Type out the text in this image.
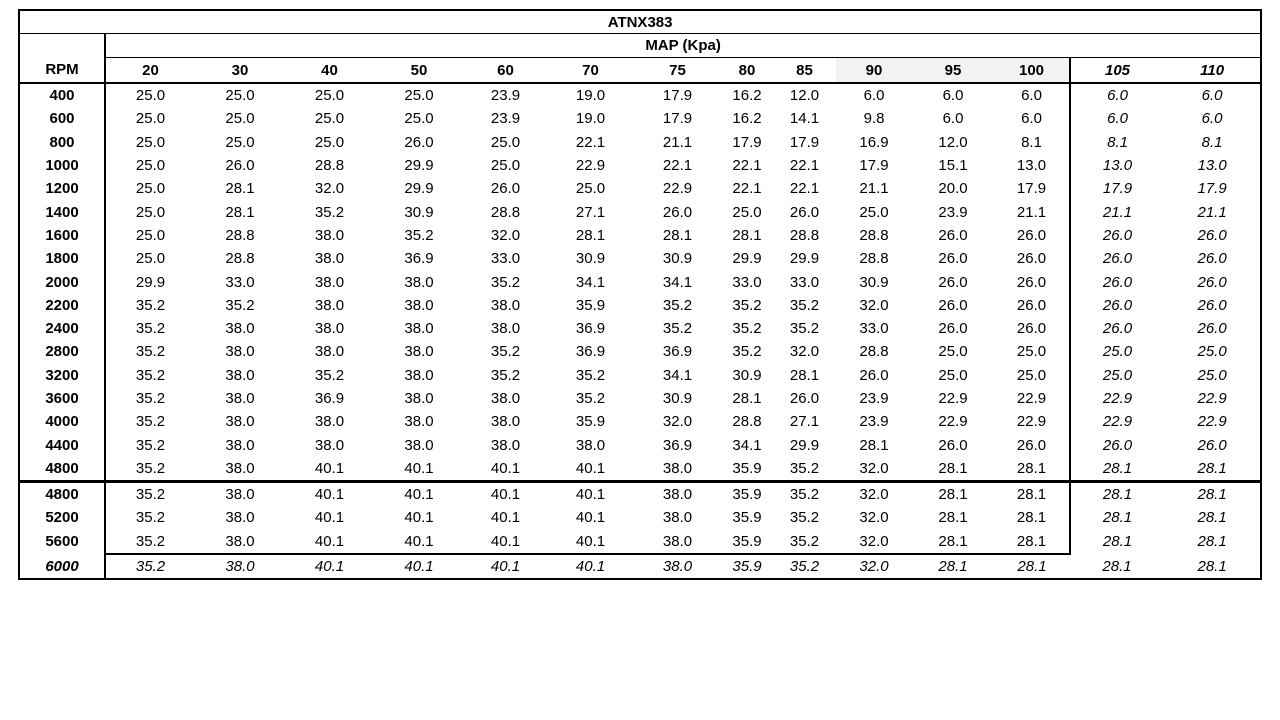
ATNX383														
	MAP (Kpa)													
RPM	20	30	40	50	60	70	75	80	85	90	95	100	105	110
400	25.0	25.0	25.0	25.0	23.9	19.0	17.9	16.2	12.0	6.0	6.0	6.0	6.0	6.0
600	25.0	25.0	25.0	25.0	23.9	19.0	17.9	16.2	14.1	9.8	6.0	6.0	6.0	6.0
800	25.0	25.0	25.0	26.0	25.0	22.1	21.1	17.9	17.9	16.9	12.0	8.1	8.1	8.1
1000	25.0	26.0	28.8	29.9	25.0	22.9	22.1	22.1	22.1	17.9	15.1	13.0	13.0	13.0
1200	25.0	28.1	32.0	29.9	26.0	25.0	22.9	22.1	22.1	21.1	20.0	17.9	17.9	17.9
1400	25.0	28.1	35.2	30.9	28.8	27.1	26.0	25.0	26.0	25.0	23.9	21.1	21.1	21.1
1600	25.0	28.8	38.0	35.2	32.0	28.1	28.1	28.1	28.8	28.8	26.0	26.0	26.0	26.0
1800	25.0	28.8	38.0	36.9	33.0	30.9	30.9	29.9	29.9	28.8	26.0	26.0	26.0	26.0
2000	29.9	33.0	38.0	38.0	35.2	34.1	34.1	33.0	33.0	30.9	26.0	26.0	26.0	26.0
2200	35.2	35.2	38.0	38.0	38.0	35.9	35.2	35.2	35.2	32.0	26.0	26.0	26.0	26.0
2400	35.2	38.0	38.0	38.0	38.0	36.9	35.2	35.2	35.2	33.0	26.0	26.0	26.0	26.0
2800	35.2	38.0	38.0	38.0	35.2	36.9	36.9	35.2	32.0	28.8	25.0	25.0	25.0	25.0
3200	35.2	38.0	35.2	38.0	35.2	35.2	34.1	30.9	28.1	26.0	25.0	25.0	25.0	25.0
3600	35.2	38.0	36.9	38.0	38.0	35.2	30.9	28.1	26.0	23.9	22.9	22.9	22.9	22.9
4000	35.2	38.0	38.0	38.0	38.0	35.9	32.0	28.8	27.1	23.9	22.9	22.9	22.9	22.9
4400	35.2	38.0	38.0	38.0	38.0	38.0	36.9	34.1	29.9	28.1	26.0	26.0	26.0	26.0
4800	35.2	38.0	40.1	40.1	40.1	40.1	38.0	35.9	35.2	32.0	28.1	28.1	28.1	28.1
4800	35.2	38.0	40.1	40.1	40.1	40.1	38.0	35.9	35.2	32.0	28.1	28.1	28.1	28.1
5200	35.2	38.0	40.1	40.1	40.1	40.1	38.0	35.9	35.2	32.0	28.1	28.1	28.1	28.1
5600	35.2	38.0	40.1	40.1	40.1	40.1	38.0	35.9	35.2	32.0	28.1	28.1	28.1	28.1
6000	35.2	38.0	40.1	40.1	40.1	40.1	38.0	35.9	35.2	32.0	28.1	28.1	28.1	28.1
